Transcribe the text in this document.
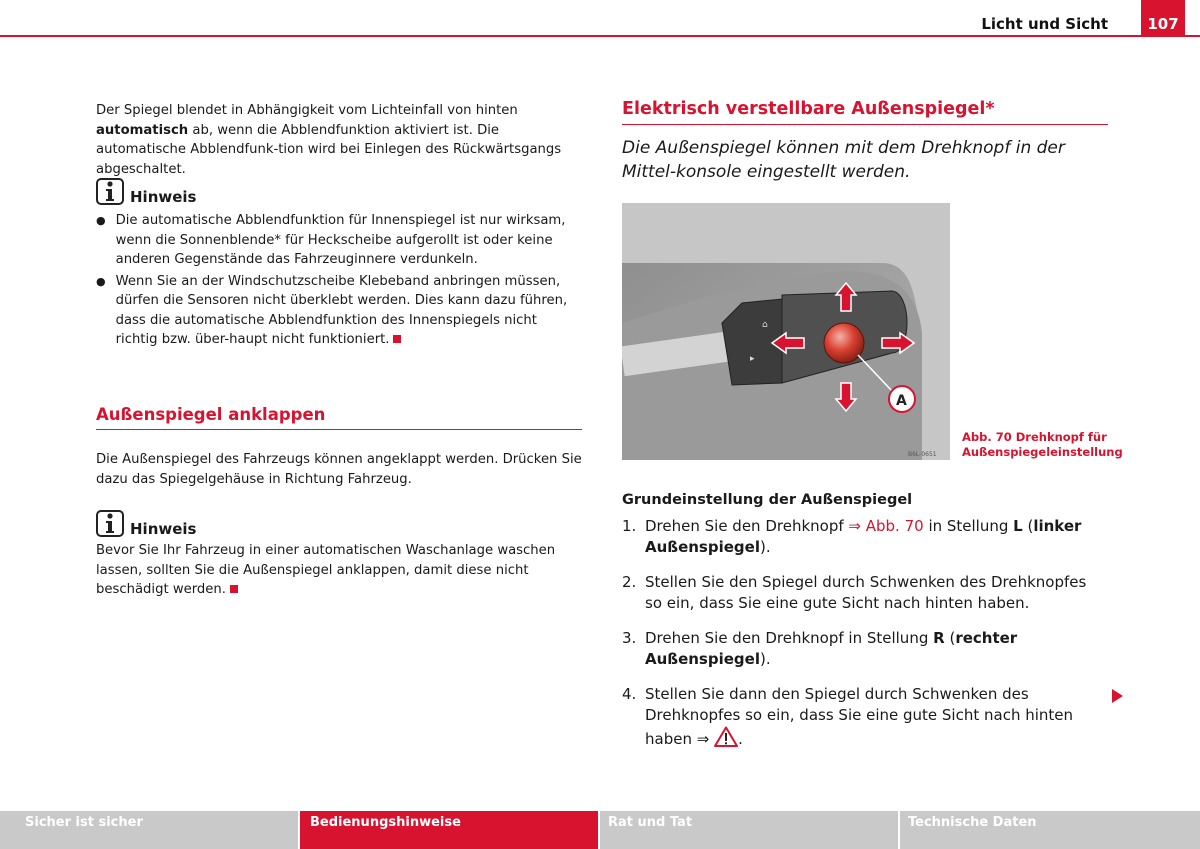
Licht und Sicht	107

Der Spiegel blendet in Abhängigkeit vom Lichteinfall von hinten automatisch ab, wenn die Abblendfunktion aktiviert ist. Die automatische Abblendfunk-tion wird bei Einlegen des Rückwärtsgangs abgeschaltet.

Hinweis
● Die automatische Abblendfunktion für Innenspiegel ist nur wirksam, wenn die Sonnenblende* für Heckscheibe aufgerollt ist oder keine anderen Gegenstände das Fahrzeuginnere verdunkeln.

● Wenn Sie an der Windschutzscheibe Klebeband anbringen müssen, dürfen die Sensoren nicht überklebt werden. Dies kann dazu führen, dass die automatische Abblendfunktion des Innenspiegels nicht richtig bzw. über-haupt nicht funktioniert.

Außenspiegel anklappen

Die Außenspiegel des Fahrzeugs können angeklappt werden. Drücken Sie dazu das Spiegelgehäuse in Richtung Fahrzeug.

Hinweis

Bevor Sie Ihr Fahrzeug in einer automatischen Waschanlage waschen lassen, sollten Sie die Außenspiegel anklappen, damit diese nicht beschädigt werden.

Elektrisch verstellbare Außenspiegel*

Die Außenspiegel können mit dem Drehknopf in der Mittel-konsole eingestellt werden.

⌂
▸
A
B6L-0651
Abb. 70 Drehknopf für
Außenspiegeleinstellung

Grundeinstellung der Außenspiegel

1. Drehen Sie den Drehknopf ⇒ Abb. 70 in Stellung L (linker Außenspiegel).
2. Stellen Sie den Spiegel durch Schwenken des Drehknopfes so ein, dass Sie eine gute Sicht nach hinten haben.
3. Drehen Sie den Drehknopf in Stellung R (rechter Außenspiegel).
4. Stellen Sie dann den Spiegel durch Schwenken des Drehknopfes so ein, dass Sie eine gute Sicht nach hinten haben ⇒ .
Sicher ist sicher	Bedienungshinweise	Rat und Tat	Technische Daten
